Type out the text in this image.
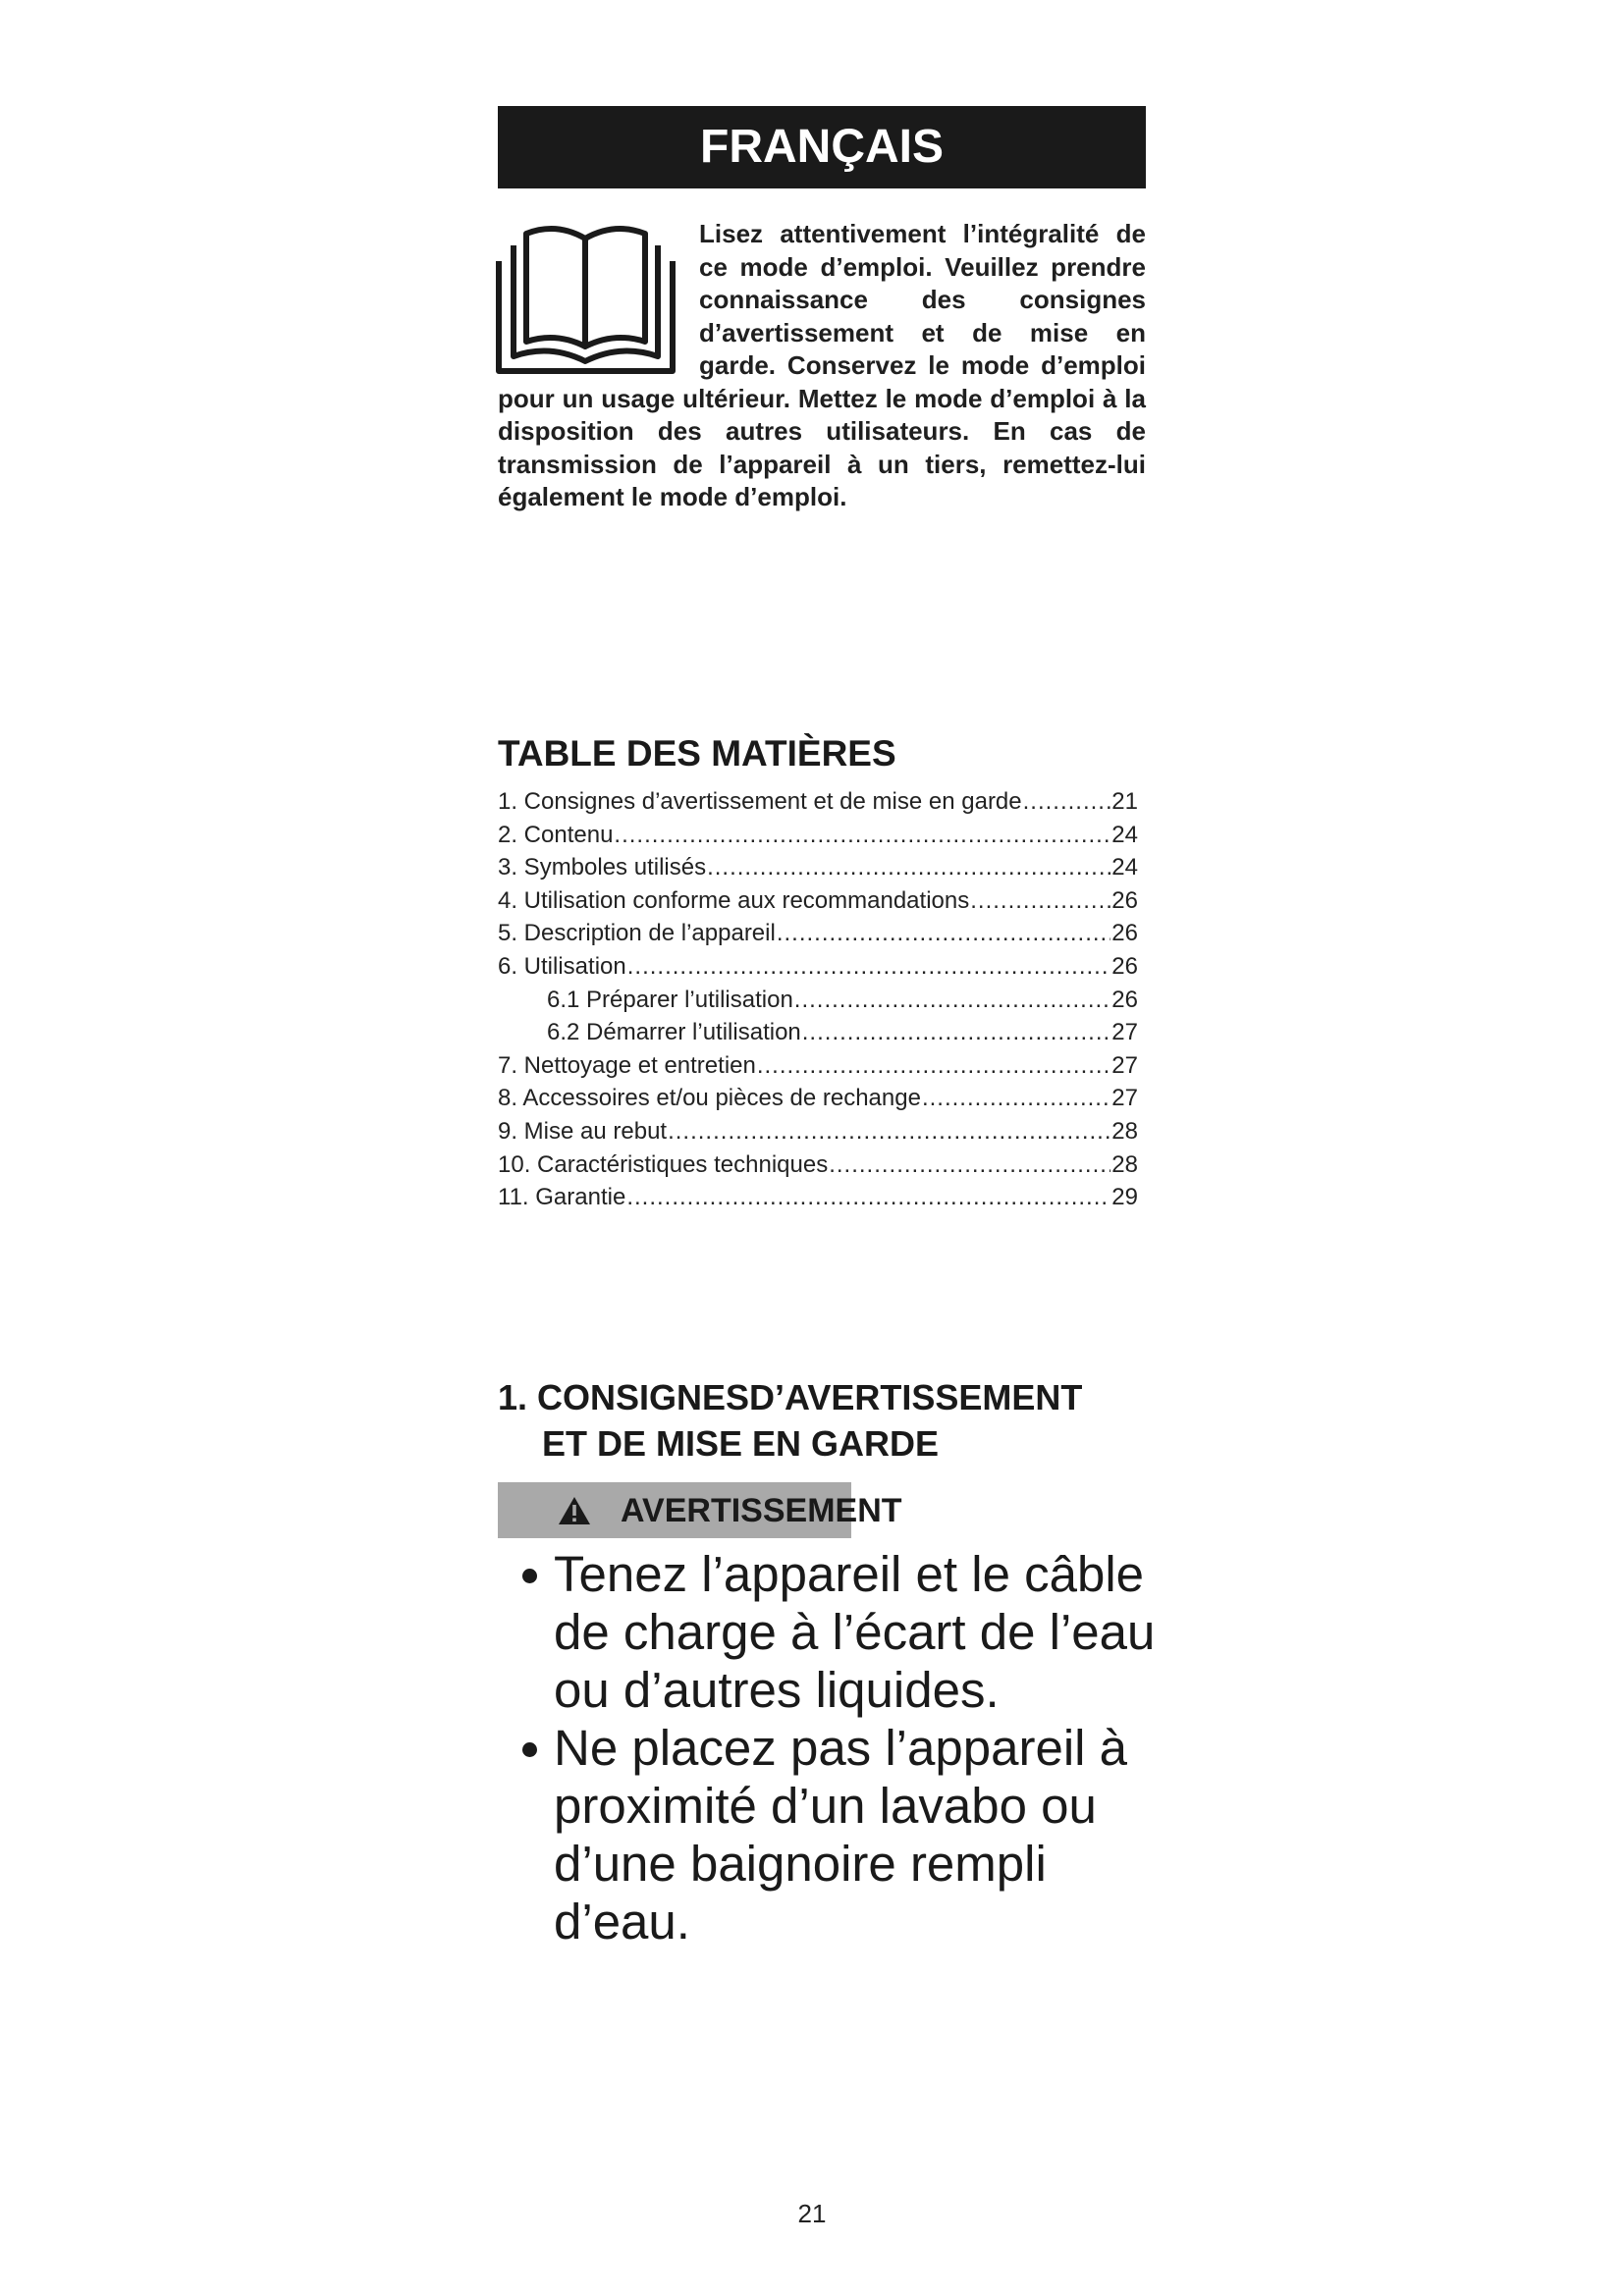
FRANÇAIS
Lisez attentivement l’intégralité de ce mode d’emploi. Veuillez prendre connaissance des consignes d’avertissement et de mise en garde. Conservez le mode d’emploi pour un usage ultérieur. Mettez le mode d’emploi à la disposition des autres utilisateurs. En cas de transmission de l’appareil à un tiers, remettez-lui également le mode d’emploi.
TABLE DES MATIÈRES
1. Consignes d’avertissement et de mise en garde .....	21
2. Contenu .....	24
3. Symboles utilisés .....	24
4. Utilisation conforme aux recommandations .....	26
5. Description de l’appareil .....	26
6. Utilisation .....	26
6.1 Préparer l’utilisation .....	26
6.2 Démarrer l’utilisation .....	27
7. Nettoyage et entretien .....	27
8. Accessoires et/ou pièces de rechange .....	27
9. Mise au rebut .....	28
10. Caractéristiques techniques .....	28
11. Garantie .....	29
1. CONSIGNESD’AVERTISSEMENT
ET DE MISE EN GARDE
AVERTISSEMENT
Tenez l’appareil et le câble de charge à l’écart de l’eau ou d’autres liquides.
Ne placez pas l’appareil à proximité d’un lavabo ou d’une baignoire rempli d’eau.
21
